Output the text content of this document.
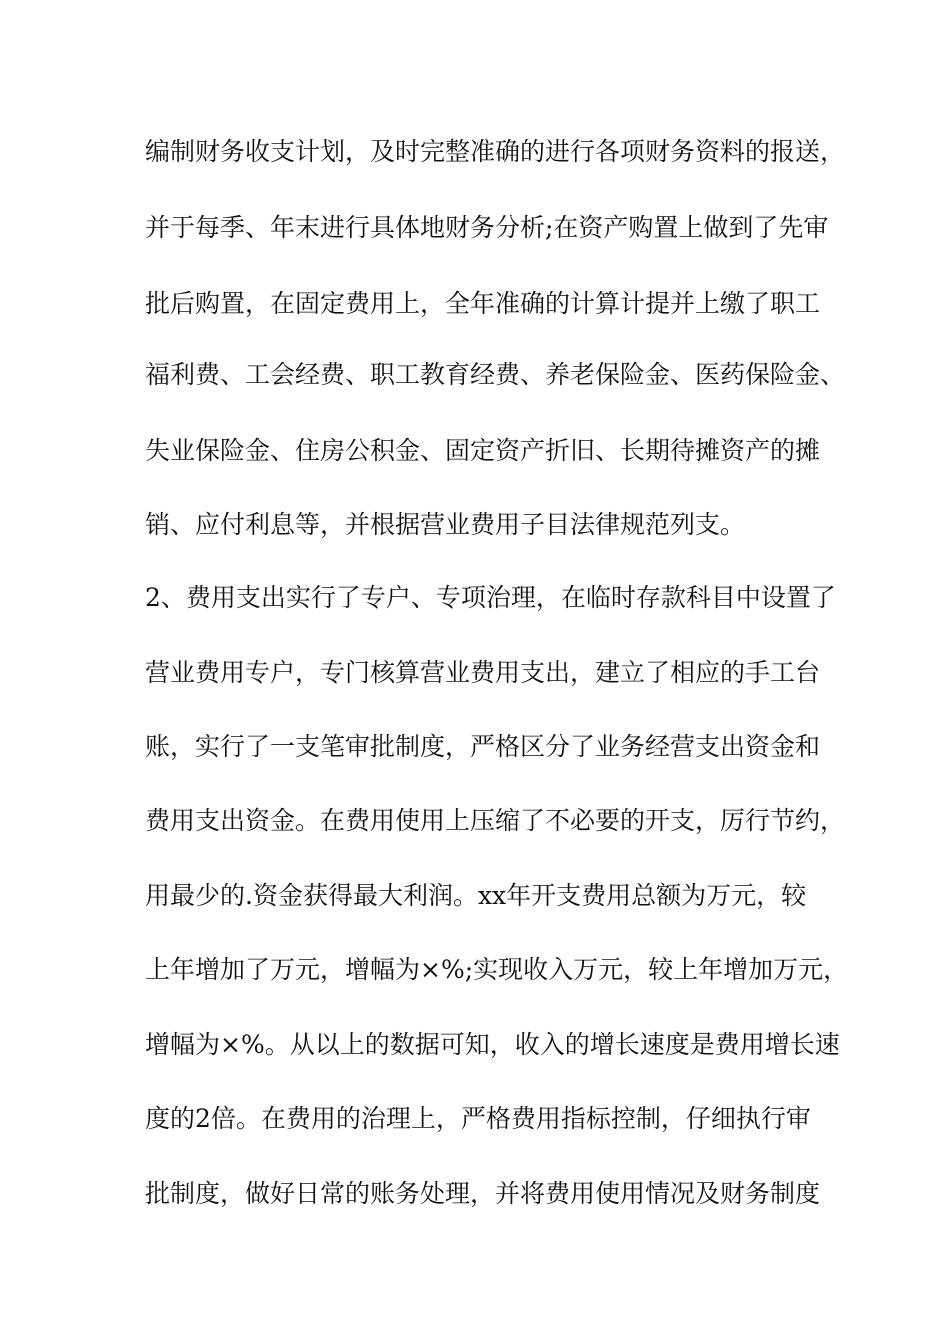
编制财务收支计划，及时完整准确的进行各项财务资料的报送，

并于每季、年末进行具体地财务分析;在资产购置上做到了先审

批后购置，在固定费用上，全年准确的计算计提并上缴了职工

福利费、工会经费、职工教育经费、养老保险金、医药保险金、

失业保险金、住房公积金、固定资产折旧、长期待摊资产的摊

销、应付利息等，并根据营业费用子目法律规范列支。

2、费用支出实行了专户、专项治理，在临时存款科目中设置了

营业费用专户，专门核算营业费用支出，建立了相应的手工台

账，实行了一支笔审批制度，严格区分了业务经营支出资金和

费用支出资金。在费用使用上压缩了不必要的开支，厉行节约，

用最少的.资金获得最大利润。xx年开支费用总额为万元，较

上年增加了万元，增幅为×%;实现收入万元，较上年增加万元，

增幅为×%。从以上的数据可知，收入的增长速度是费用增长速

度的2倍。在费用的治理上，严格费用指标控制，仔细执行审

批制度，做好日常的账务处理，并将费用使用情况及财务制度
